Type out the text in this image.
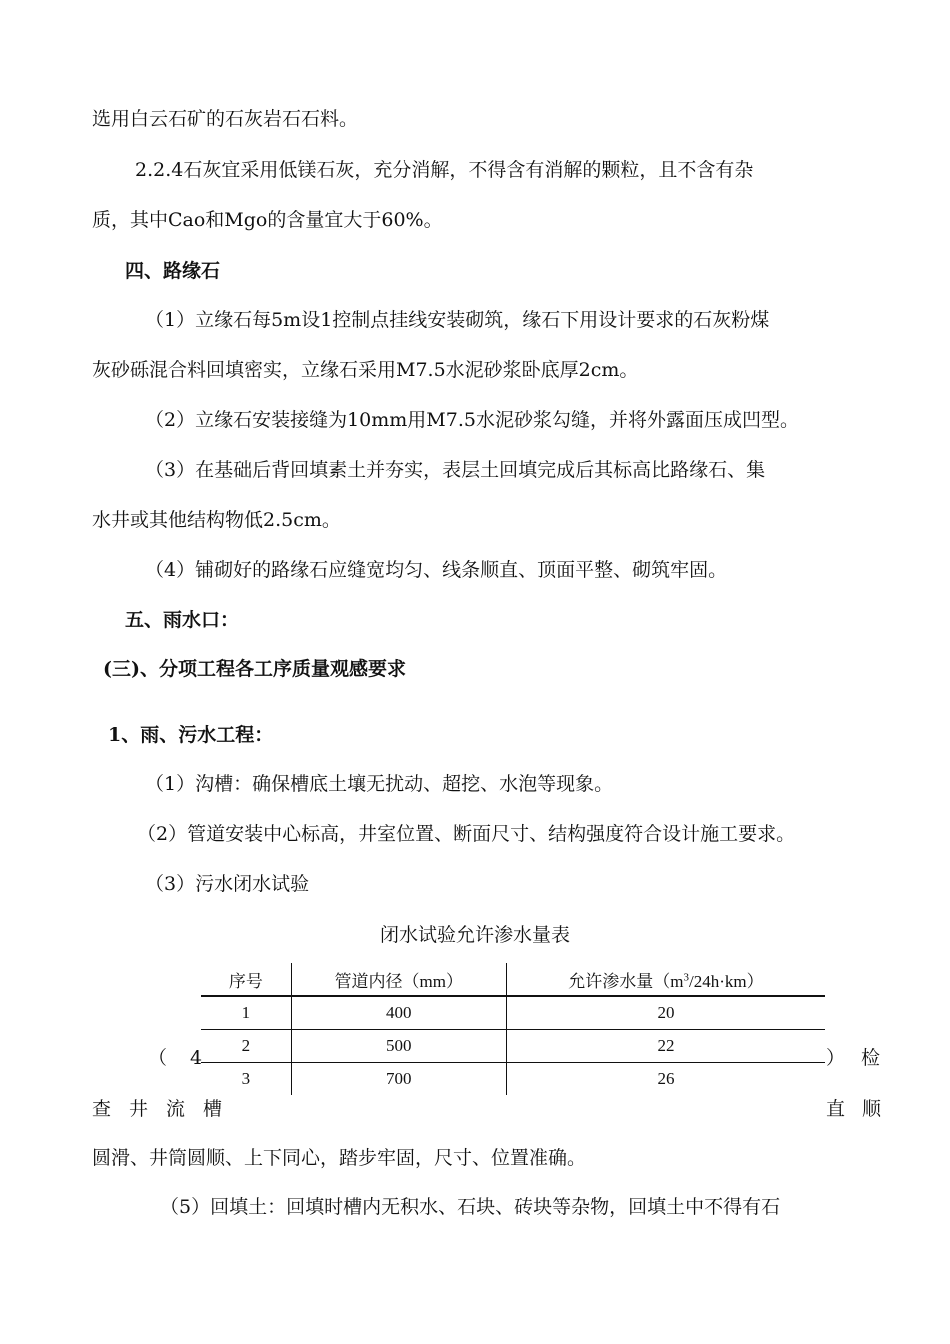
选用白云石矿的石灰岩石石料。
2.2.4石灰宜采用低镁石灰，充分消解，不得含有消解的颗粒，且不含有杂
质，其中Cao和Mgo的含量宜大于60%。
四、路缘石
（1）立缘石每5m设1控制点挂线安装砌筑，缘石下用设计要求的石灰粉煤
灰砂砾混合料回填密实，立缘石采用M7.5水泥砂浆卧底厚2cm。
（2）立缘石安装接缝为10mm用M7.5水泥砂浆勾缝，并将外露面压成凹型。
（3）在基础后背回填素土并夯实，表层土回填完成后其标高比路缘石、集
水井或其他结构物低2.5cm。
（4）铺砌好的路缘石应缝宽均匀、线条顺直、顶面平整、砌筑牢固。
五、雨水口：
(三)、分项工程各工序质量观感要求
1、雨、污水工程：
（1）沟槽：确保槽底土壤无扰动、超挖、水泡等现象。
（2）管道安装中心标高，井室位置、断面尺寸、结构强度符合设计施工要求。
（3）污水闭水试验
闭水试验允许渗水量表
序号	管道内径（mm）	允许渗水量$(m^3/24h\cdot km)$
1	400	20
2	500	22
3	700	26
（ 4	） 检
查 井 流 槽	直 顺
圆滑、井筒圆顺、上下同心，踏步牢固，尺寸、位置准确。
（5）回填土：回填时槽内无积水、石块、砖块等杂物，回填土中不得有石
